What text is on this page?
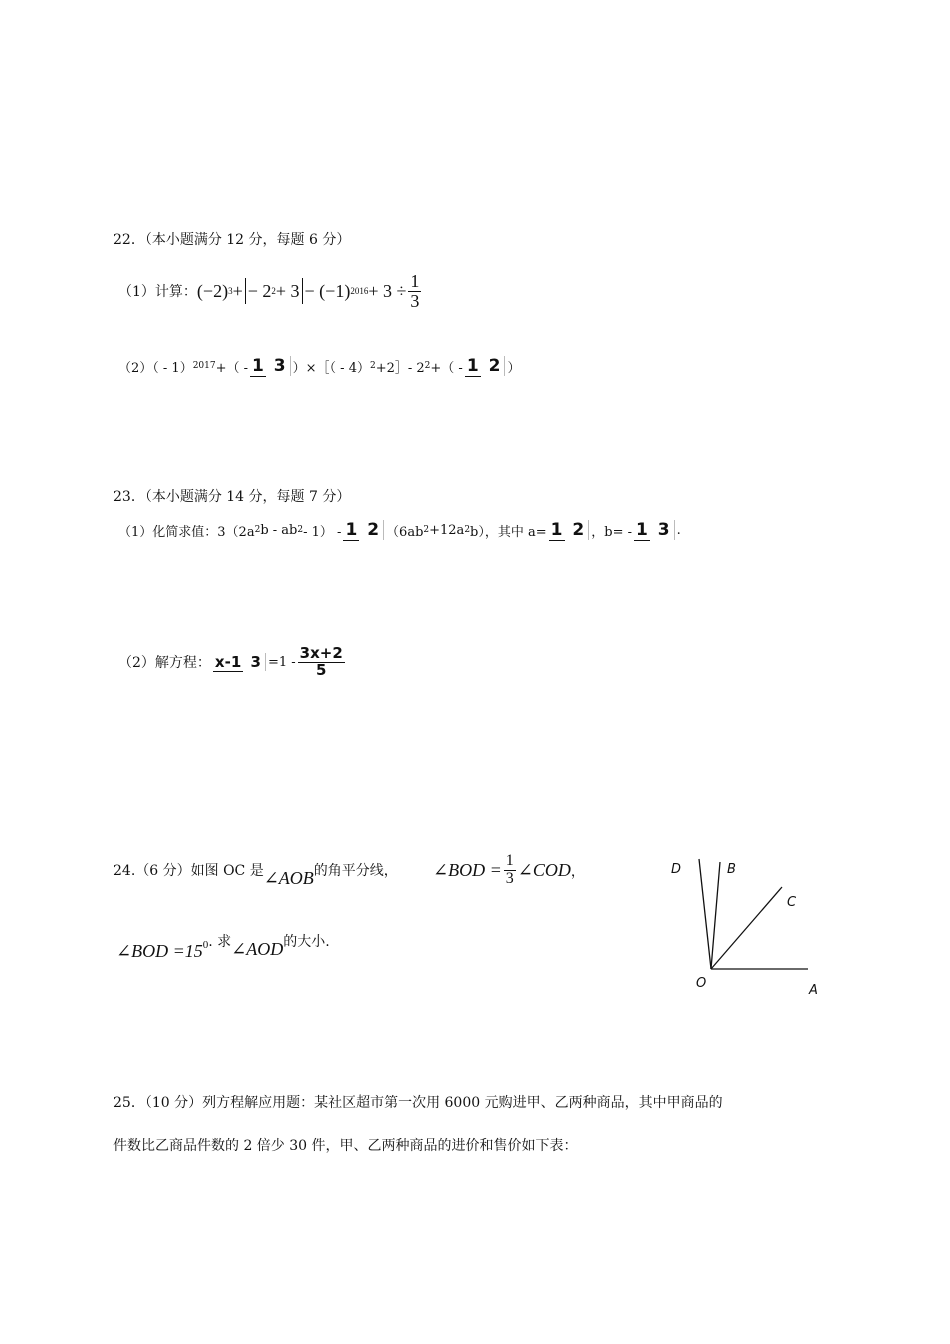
22．（本小题满分 12 分，每题 6 分）
（1）计算： (−2) 3 + − 2 2 + 3 − (−1) $2016 + 3 \div \frac{1}{3}$
（2）（ - 1） 2017 +（ - 1 3 ）×［（ - 4） 2 +2］- 2 2 +（ - 1 2 ）
23．（本小题满分 14 分，每题 7 分）
（1）化简求值：3（2a 2 b - ab 2 - 1） - 1 2 （6ab 2 +12a 2 b），其中 a= 1 2 ，b= - 1 3 .
（2）解方程： x-1 $3 =1 - \frac{3x+2}{5}$
24.（6 分）如图 OC 是 ∠AOB 的角平分线， ∠BOD = $\frac{1}{3}$ ∠COD ，
∠BOD =15 0 . 求 ∠AOD 的大小.
D	B
C
O	A
25．（10 分）列方程解应用题：某社区超市第一次用 6000 元购进甲、乙两种商品，其中甲商品的
件数比乙商品件数的 2 倍少 30 件，甲、乙两种商品的进价和售价如下表：
